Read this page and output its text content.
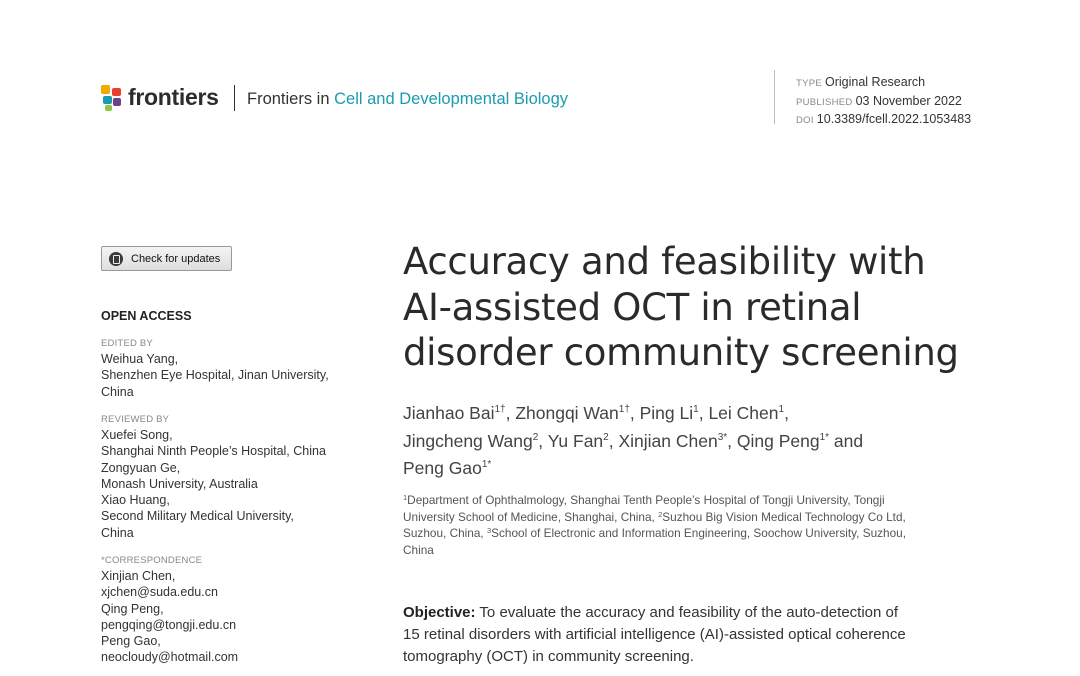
frontiers Frontiers in Cell and Developmental Biology
TYPE Original Research
PUBLISHED 03 November 2022
DOI 10.3389/fcell.2022.1053483
Check for updates
OPEN ACCESS
EDITED BY
Weihua Yang,
Shenzhen Eye Hospital, Jinan University,
China
REVIEWED BY
Xuefei Song,
Shanghai Ninth People’s Hospital, China
Zongyuan Ge,
Monash University, Australia
Xiao Huang,
Second Military Medical University,
China
*CORRESPONDENCE
Xinjian Chen,
xjchen@suda.edu.cn
Qing Peng,
pengqing@tongji.edu.cn
Peng Gao,
neocloudy@hotmail.com
Accuracy and feasibility with
AI-assisted OCT in retinal
disorder community screening
Jianhao Bai$^{1\dagger}$, Zhongqi Wan$^{1\dagger}$, Ping Li$^1$, Lei Chen$^1$,
Jingcheng Wang$^2$, Yu Fan$^2$, Xinjian Chen$^{3*}$, Qing Peng$^{1*}$ and
Peng Gao$^{1*}$
$^1$Department of Ophthalmology, Shanghai Tenth People’s Hospital of Tongji University, Tongji
University School of Medicine, Shanghai, China, $^2$Suzhou Big Vision Medical Technology Co Ltd,
Suzhou, China, $^3$School of Electronic and Information Engineering, Soochow University, Suzhou,
China
Objective: To evaluate the accuracy and feasibility of the auto-detection of
15 retinal disorders with artificial intelligence (AI)-assisted optical coherence
tomography (OCT) in community screening.
